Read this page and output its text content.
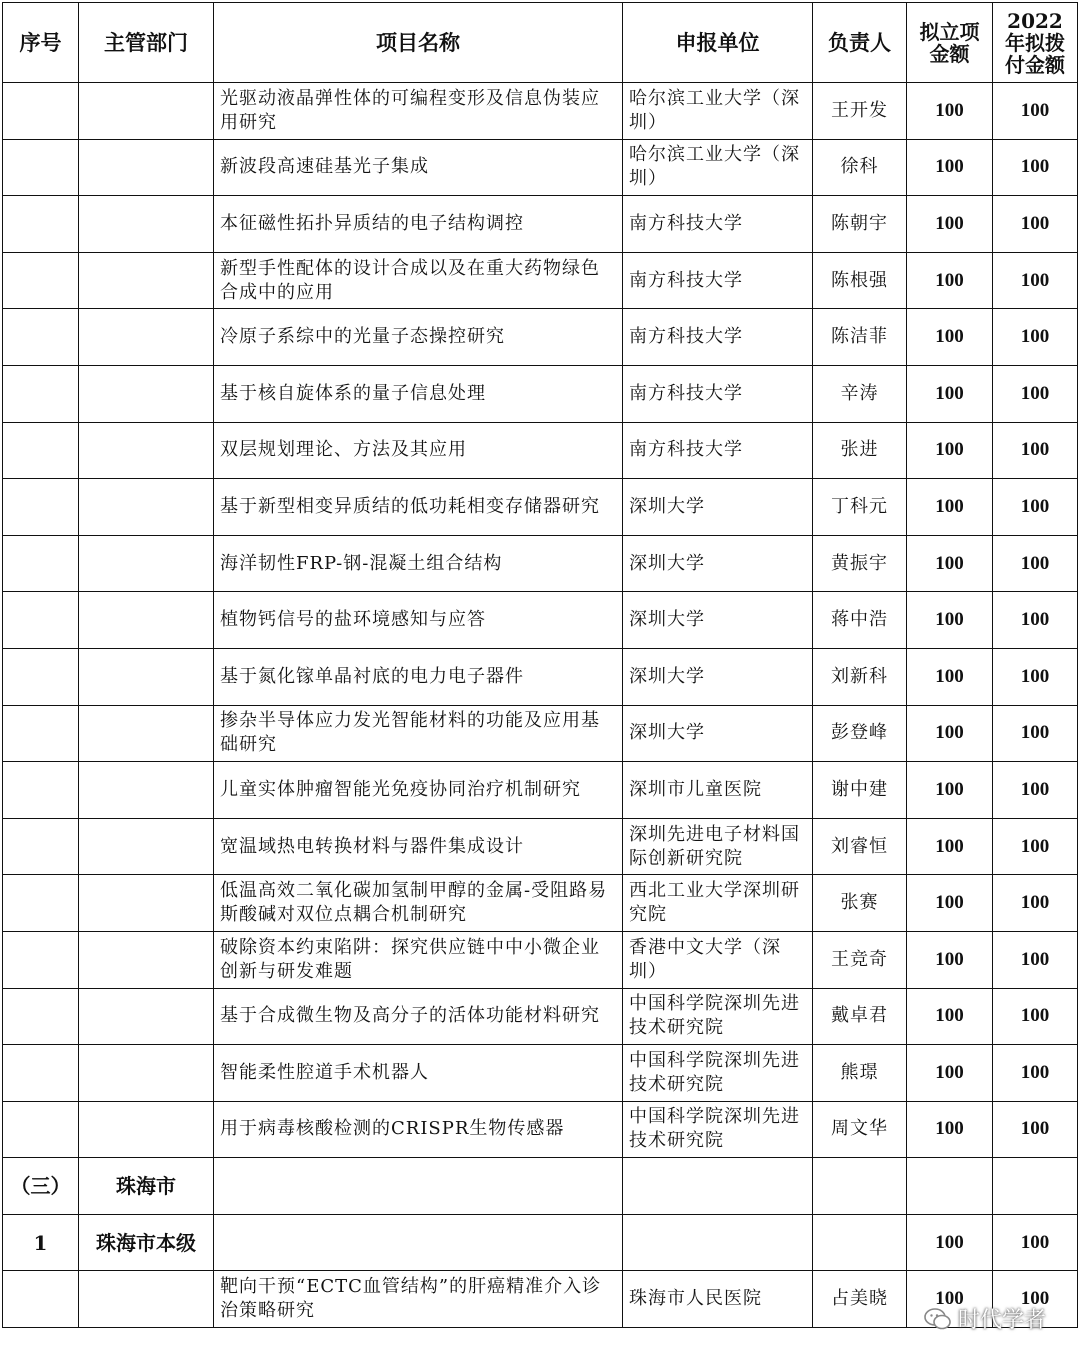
序号	主管部门	项目名称	申报单位	负责人	拟立项金额	2022年拟拨付金额
		光驱动液晶弹性体的可编程变形及信息伪装应用研究	哈尔滨工业大学（深圳）	王开发	100	100
		新波段高速硅基光子集成	哈尔滨工业大学（深圳）	徐科	100	100
		本征磁性拓扑异质结的电子结构调控	南方科技大学	陈朝宇	100	100
		新型手性配体的设计合成以及在重大药物绿色合成中的应用	南方科技大学	陈根强	100	100
		冷原子系综中的光量子态操控研究	南方科技大学	陈洁菲	100	100
		基于核自旋体系的量子信息处理	南方科技大学	辛涛	100	100
		双层规划理论、方法及其应用	南方科技大学	张进	100	100
		基于新型相变异质结的低功耗相变存储器研究	深圳大学	丁科元	100	100
		海洋韧性FRP-钢-混凝土组合结构	深圳大学	黄振宇	100	100
		植物钙信号的盐环境感知与应答	深圳大学	蒋中浩	100	100
		基于氮化镓单晶衬底的电力电子器件	深圳大学	刘新科	100	100
		掺杂半导体应力发光智能材料的功能及应用基础研究	深圳大学	彭登峰	100	100
		儿童实体肿瘤智能光免疫协同治疗机制研究	深圳市儿童医院	谢中建	100	100
		宽温域热电转换材料与器件集成设计	深圳先进电子材料国际创新研究院	刘睿恒	100	100
		低温高效二氧化碳加氢制甲醇的金属-受阻路易斯酸碱对双位点耦合机制研究	西北工业大学深圳研究院	张赛	100	100
		破除资本约束陷阱：探究供应链中中小微企业创新与研发难题	香港中文大学（深圳）	王竞奇	100	100
		基于合成微生物及高分子的活体功能材料研究	中国科学院深圳先进技术研究院	戴卓君	100	100
		智能柔性腔道手术机器人	中国科学院深圳先进技术研究院	熊璟	100	100
		用于病毒核酸检测的CRISPR生物传感器	中国科学院深圳先进技术研究院	周文华	100	100
（三）	珠海市					
1	珠海市本级				100	100
		靶向干预“ECTC血管结构”的肝癌精准介入诊治策略研究	珠海市人民医院	占美晓	100	100
时代学者
